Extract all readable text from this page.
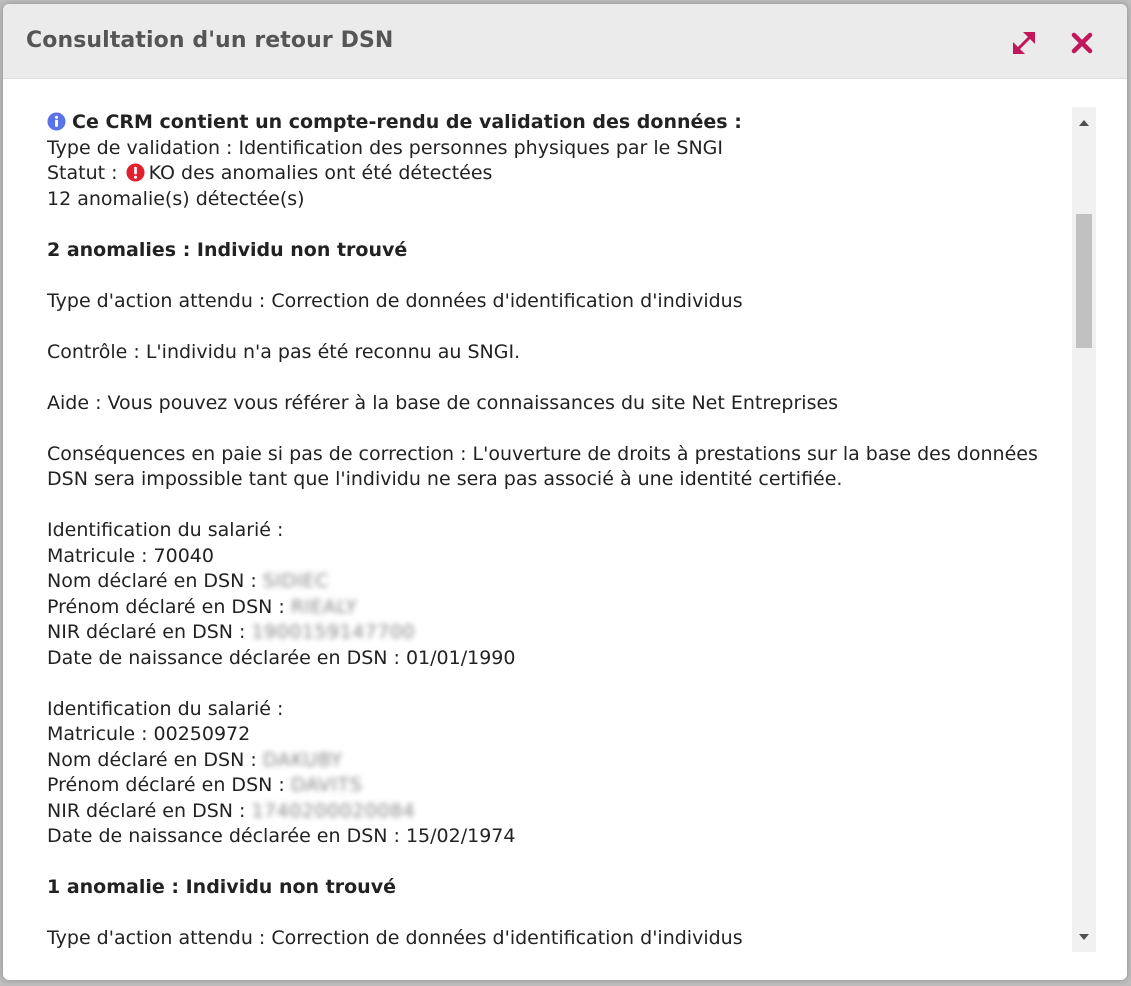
Consultation d'un retour DSN
Ce CRM contient un compte-rendu de validation des données :
Type de validation : Identification des personnes physiques par le SNGI
Statut : KO des anomalies ont été détectées
12 anomalie(s) détectée(s)
2 anomalies : Individu non trouvé
Type d'action attendu : Correction de données d'identification d'individus
Contrôle : L'individu n'a pas été reconnu au SNGI.
Aide : Vous pouvez vous référer à la base de connaissances du site Net Entreprises
Conséquences en paie si pas de correction : L'ouverture de droits à prestations sur la base des données DSN sera impossible tant que l'individu ne sera pas associé à une identité certifiée.
Identification du salarié :
Matricule : 70040
Nom déclaré en DSN : SIDIEC
Prénom déclaré en DSN : RIEALY
NIR déclaré en DSN : 1900159147700
Date de naissance déclarée en DSN : 01/01/1990
Identification du salarié :
Matricule : 00250972
Nom déclaré en DSN : DAKUBY
Prénom déclaré en DSN : DAVITS
NIR déclaré en DSN : 1740200020084
Date de naissance déclarée en DSN : 15/02/1974
1 anomalie : Individu non trouvé
Type d'action attendu : Correction de données d'identification d'individus
